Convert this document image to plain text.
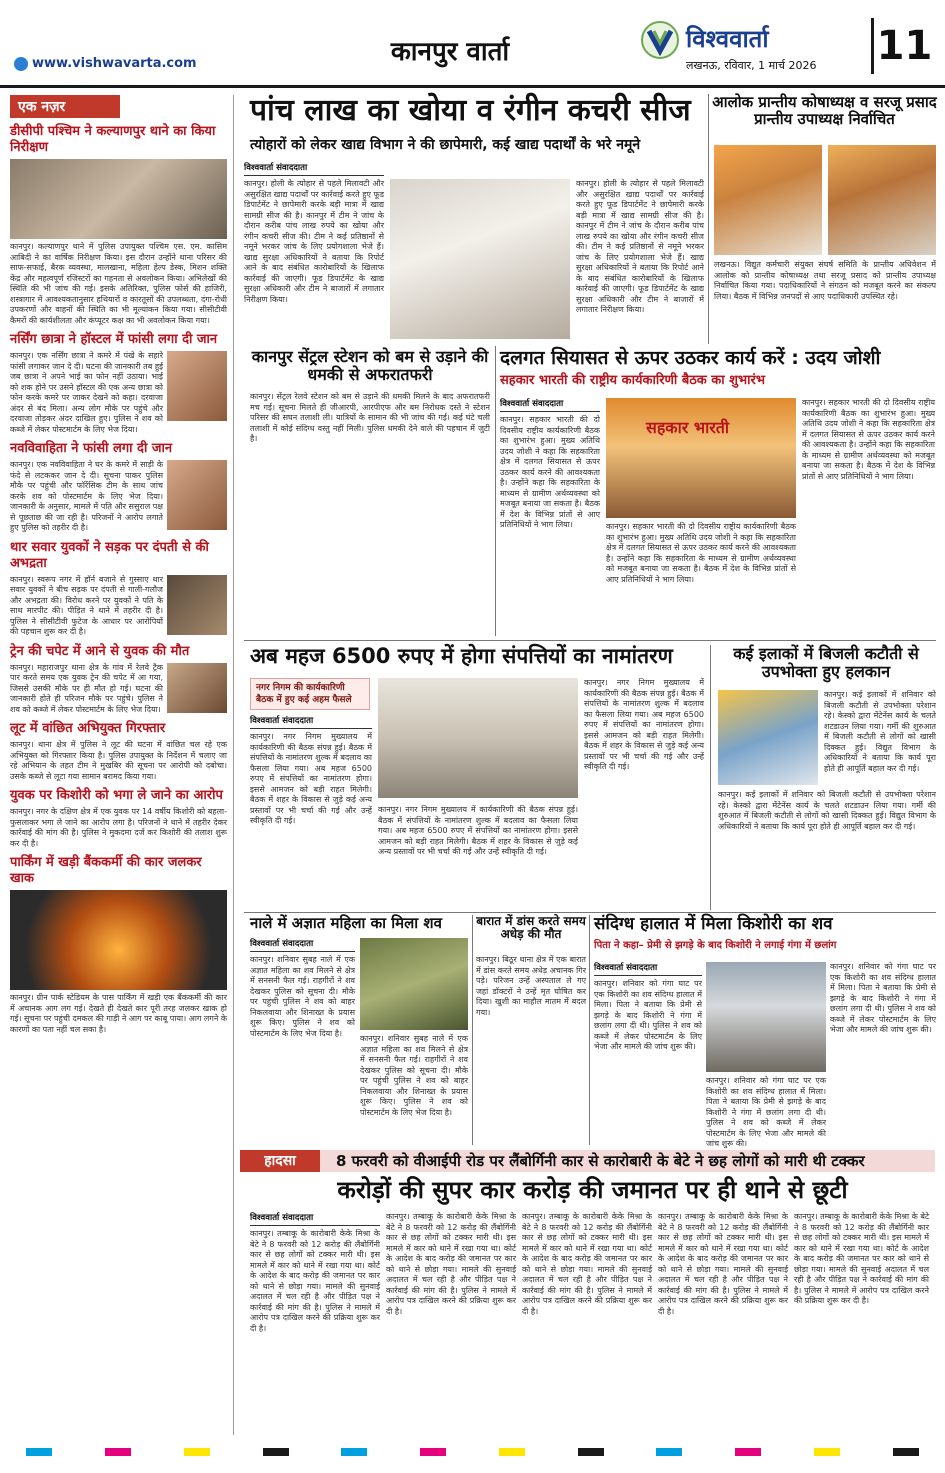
www.vishwavarta.com	कानपुर वार्ता	विश्ववार्ता
लखनऊ, रविवार, 1 मार्च 2026 11
एक नज़र
डीसीपी पश्चिम ने कल्याणपुर थाने का किया निरीक्षण
कानपुर। कल्याणपुर थाने में पुलिस उपायुक्त पश्चिम एस. एम. कासिम आबिदी ने का वार्षिक निरीक्षण किया। इस दौरान उन्होंने थाना परिसर की साफ-सफाई, बैरक व्यवस्था, मालखाना, महिला हेल्प डेस्क, मिशन शक्ति केंद्र और महत्वपूर्ण रजिस्टरों का गहनता से अवलोकन किया। अभिलेखों की स्थिति की भी जांच की गई। इसके अतिरिक्त, पुलिस फोर्स की हाजिरी, शस्त्रागार में आवश्यकतानुसार हथियारों व कारतूसों की उपलब्धता, दंगा-रोधी उपकरणों और वाहनों की स्थिति का भी मूल्यांकन किया गया। सीसीटीवी कैमरों की कार्यशीलता और कंप्यूटर कक्ष का भी अवलोकन किया गया।
नर्सिंग छात्रा ने हॉस्टल में फांसी लगा दी जान
कानपुर। एक नर्सिंग छात्रा ने कमरे में पंखे के सहारे फांसी लगाकर जान दे दी। घटना की जानकारी तब हुई जब छात्रा ने अपने भाई का फोन नहीं उठाया। भाई को शक होने पर उसने हॉस्टल की एक अन्य छात्रा को फोन करके कमरे पर जाकर देखने को कहा। दरवाजा अंदर से बंद मिला। अन्य लोग मौके पर पहुंचे और दरवाजा तोड़कर अंदर दाखिल हुए। पुलिस ने शव को कब्जे में लेकर पोस्टमार्टम के लिए भेज दिया।
नवविवाहिता ने फांसी लगा दी जान
कानपुर। एक नवविवाहिता ने घर के कमरे में साड़ी के फंदे से लटककर जान दे दी। सूचना पाकर पुलिस मौके पर पहुंची और फॉरेंसिक टीम के साथ जांच करके शव को पोस्टमार्टम के लिए भेज दिया। जानकारी के अनुसार, मामले में पति और ससुराल पक्ष से पूछताछ की जा रही है। परिजनों ने आरोप लगाते हुए पुलिस को तहरीर दी है।
थार सवार युवकों ने सड़क पर दंपती से की अभद्रता
कानपुर। स्वरूप नगर में हॉर्न बजाने से गुस्साए थार सवार युवकों ने बीच सड़क पर दंपती से गाली-गलौज और अभद्रता की। विरोध करने पर युवकों ने पति के साथ मारपीट की। पीड़ित ने थाने में तहरीर दी है। पुलिस ने सीसीटीवी फुटेज के आधार पर आरोपियों की पहचान शुरू कर दी है।
ट्रेन की चपेट में आने से युवक की मौत
कानपुर। महाराजपुर थाना क्षेत्र के गांव में रेलवे ट्रैक पार करते समय एक युवक ट्रेन की चपेट में आ गया, जिससे उसकी मौके पर ही मौत हो गई। घटना की जानकारी होते ही परिजन मौके पर पहुंचे। पुलिस ने शव को कब्जे में लेकर पोस्टमार्टम के लिए भेज दिया।
लूट में वांछित अभियुक्त गिरफ्तार
कानपुर। थाना क्षेत्र में पुलिस ने लूट की घटना में वांछित चल रहे एक अभियुक्त को गिरफ्तार किया है। पुलिस उपायुक्त के निर्देशन में चलाए जा रहे अभियान के तहत टीम ने मुखबिर की सूचना पर आरोपी को दबोचा। उसके कब्जे से लूटा गया सामान बरामद किया गया।
युवक पर किशोरी को भगा ले जाने का आरोप
कानपुर। नगर के दक्षिण क्षेत्र में एक युवक पर 14 वर्षीय किशोरी को बहला-फुसलाकर भगा ले जाने का आरोप लगा है। परिजनों ने थाने में तहरीर देकर कार्रवाई की मांग की है। पुलिस ने मुकदमा दर्ज कर किशोरी की तलाश शुरू कर दी है।
पार्किंग में खड़ी बैंककर्मी की कार जलकर खाक
कानपुर। ग्रीन पार्क स्टेडियम के पास पार्किंग में खड़ी एक बैंककर्मी की कार में अचानक आग लग गई। देखते ही देखते कार पूरी तरह जलकर खाक हो गई। सूचना पर पहुंची दमकल की गाड़ी ने आग पर काबू पाया। आग लगने के कारणों का पता नहीं चल सका है।
पांच लाख का खोया व रंगीन कचरी सीज
त्योहारों को लेकर खाद्य विभाग ने की छापेमारी, कई खाद्य पदार्थों के भरे नमूने
विश्ववार्ता संवाददाता
कानपुर। होली के त्योहार से पहले मिलावटी और असुरक्षित खाद्य पदार्थों पर कार्रवाई करते हुए फूड डिपार्टमेंट ने छापेमारी करके बड़ी मात्रा में खाद्य सामग्री सीज की है। कानपुर में टीम ने जांच के दौरान करीब पांच लाख रुपये का खोया और रंगीन कचरी सीज की। टीम ने कई प्रतिष्ठानों से नमूने भरकर जांच के लिए प्रयोगशाला भेजे हैं। खाद्य सुरक्षा अधिकारियों ने बताया कि रिपोर्ट आने के बाद संबंधित कारोबारियों के खिलाफ कार्रवाई की जाएगी। फूड डिपार्टमेंट के खाद्य सुरक्षा अधिकारी और टीम ने बाजारों में लगातार निरीक्षण किया।
कानपुर। होली के त्योहार से पहले मिलावटी और असुरक्षित खाद्य पदार्थों पर कार्रवाई करते हुए फूड डिपार्टमेंट ने छापेमारी करके बड़ी मात्रा में खाद्य सामग्री सीज की है। कानपुर में टीम ने जांच के दौरान करीब पांच लाख रुपये का खोया और रंगीन कचरी सीज की। टीम ने कई प्रतिष्ठानों से नमूने भरकर जांच के लिए प्रयोगशाला भेजे हैं। खाद्य सुरक्षा अधिकारियों ने बताया कि रिपोर्ट आने के बाद संबंधित कारोबारियों के खिलाफ कार्रवाई की जाएगी। फूड डिपार्टमेंट के खाद्य सुरक्षा अधिकारी और टीम ने बाजारों में लगातार निरीक्षण किया।
आलोक प्रान्तीय कोषाध्यक्ष व सरजू प्रसाद प्रान्तीय उपाध्यक्ष निर्वाचित
लखनऊ। विद्युत कर्मचारी संयुक्त संघर्ष समिति के प्रान्तीय अधिवेशन में आलोक को प्रान्तीय कोषाध्यक्ष तथा सरजू प्रसाद को प्रान्तीय उपाध्यक्ष निर्वाचित किया गया। पदाधिकारियों ने संगठन को मजबूत करने का संकल्प लिया। बैठक में विभिन्न जनपदों से आए पदाधिकारी उपस्थित रहे।
कानपुर सेंट्रल स्टेशन को बम से उड़ाने की धमकी से अफरातफरी
कानपुर। सेंट्रल रेलवे स्टेशन को बम से उड़ाने की धमकी मिलने के बाद अफरातफरी मच गई। सूचना मिलते ही जीआरपी, आरपीएफ और बम निरोधक दस्ते ने स्टेशन परिसर की सघन तलाशी ली। यात्रियों के सामान की भी जांच की गई। कई घंटे चली तलाशी में कोई संदिग्ध वस्तु नहीं मिली। पुलिस धमकी देने वाले की पहचान में जुटी है।
दलगत सियासत से ऊपर उठकर कार्य करें : उदय जोशी
सहकार भारती की राष्ट्रीय कार्यकारिणी बैठक का शुभारंभ
विश्ववार्ता संवाददाता
कानपुर। सहकार भारती की दो दिवसीय राष्ट्रीय कार्यकारिणी बैठक का शुभारंभ हुआ। मुख्य अतिथि उदय जोशी ने कहा कि सहकारिता क्षेत्र में दलगत सियासत से ऊपर उठकर कार्य करने की आवश्यकता है। उन्होंने कहा कि सहकारिता के माध्यम से ग्रामीण अर्थव्यवस्था को मजबूत बनाया जा सकता है। बैठक में देश के विभिन्न प्रांतों से आए प्रतिनिधियों ने भाग लिया।
सहकार भारती
कानपुर। सहकार भारती की दो दिवसीय राष्ट्रीय कार्यकारिणी बैठक का शुभारंभ हुआ। मुख्य अतिथि उदय जोशी ने कहा कि सहकारिता क्षेत्र में दलगत सियासत से ऊपर उठकर कार्य करने की आवश्यकता है। उन्होंने कहा कि सहकारिता के माध्यम से ग्रामीण अर्थव्यवस्था को मजबूत बनाया जा सकता है। बैठक में देश के विभिन्न प्रांतों से आए प्रतिनिधियों ने भाग लिया।
कानपुर। सहकार भारती की दो दिवसीय राष्ट्रीय कार्यकारिणी बैठक का शुभारंभ हुआ। मुख्य अतिथि उदय जोशी ने कहा कि सहकारिता क्षेत्र में दलगत सियासत से ऊपर उठकर कार्य करने की आवश्यकता है। उन्होंने कहा कि सहकारिता के माध्यम से ग्रामीण अर्थव्यवस्था को मजबूत बनाया जा सकता है। बैठक में देश के विभिन्न प्रांतों से आए प्रतिनिधियों ने भाग लिया।
अब महज 6500 रुपए में होगा संपत्तियों का नामांतरण
नगर निगम की कार्यकारिणी बैठक में हुए कई अहम फैसले
विश्ववार्ता संवाददाता
कानपुर। नगर निगम मुख्यालय में कार्यकारिणी की बैठक संपन्न हुई। बैठक में संपत्तियों के नामांतरण शुल्क में बदलाव का फैसला लिया गया। अब महज 6500 रुपए में संपत्तियों का नामांतरण होगा। इससे आमजन को बड़ी राहत मिलेगी। बैठक में शहर के विकास से जुड़े कई अन्य प्रस्तावों पर भी चर्चा की गई और उन्हें स्वीकृति दी गई।
कानपुर। नगर निगम मुख्यालय में कार्यकारिणी की बैठक संपन्न हुई। बैठक में संपत्तियों के नामांतरण शुल्क में बदलाव का फैसला लिया गया। अब महज 6500 रुपए में संपत्तियों का नामांतरण होगा। इससे आमजन को बड़ी राहत मिलेगी। बैठक में शहर के विकास से जुड़े कई अन्य प्रस्तावों पर भी चर्चा की गई और उन्हें स्वीकृति दी गई।
कानपुर। नगर निगम मुख्यालय में कार्यकारिणी की बैठक संपन्न हुई। बैठक में संपत्तियों के नामांतरण शुल्क में बदलाव का फैसला लिया गया। अब महज 6500 रुपए में संपत्तियों का नामांतरण होगा। इससे आमजन को बड़ी राहत मिलेगी। बैठक में शहर के विकास से जुड़े कई अन्य प्रस्तावों पर भी चर्चा की गई और उन्हें स्वीकृति दी गई।
कई इलाकों में बिजली कटौती से उपभोक्ता हुए हलकान
कानपुर। कई इलाकों में शनिवार को बिजली कटौती से उपभोक्ता परेशान रहे। केस्को द्वारा मेंटेनेंस कार्य के चलते शटडाउन लिया गया। गर्मी की शुरुआत में बिजली कटौती से लोगों को खासी दिक्कत हुई। विद्युत विभाग के अधिकारियों ने बताया कि कार्य पूरा होते ही आपूर्ति बहाल कर दी गई।
कानपुर। कई इलाकों में शनिवार को बिजली कटौती से उपभोक्ता परेशान रहे। केस्को द्वारा मेंटेनेंस कार्य के चलते शटडाउन लिया गया। गर्मी की शुरुआत में बिजली कटौती से लोगों को खासी दिक्कत हुई। विद्युत विभाग के अधिकारियों ने बताया कि कार्य पूरा होते ही आपूर्ति बहाल कर दी गई।
नाले में अज्ञात महिला का मिला शव
विश्ववार्ता संवाददाता
कानपुर। शनिवार सुबह नाले में एक अज्ञात महिला का शव मिलने से क्षेत्र में सनसनी फैल गई। राहगीरों ने शव देखकर पुलिस को सूचना दी। मौके पर पहुंची पुलिस ने शव को बाहर निकलवाया और शिनाख्त के प्रयास शुरू किए। पुलिस ने शव को पोस्टमार्टम के लिए भेज दिया है।
कानपुर। शनिवार सुबह नाले में एक अज्ञात महिला का शव मिलने से क्षेत्र में सनसनी फैल गई। राहगीरों ने शव देखकर पुलिस को सूचना दी। मौके पर पहुंची पुलिस ने शव को बाहर निकलवाया और शिनाख्त के प्रयास शुरू किए। पुलिस ने शव को पोस्टमार्टम के लिए भेज दिया है।
बारात में डांस करते समय अधेड़ की मौत
कानपुर। बिठूर थाना क्षेत्र में एक बारात में डांस करते समय अधेड़ अचानक गिर पड़े। परिजन उन्हें अस्पताल ले गए जहां डॉक्टरों ने उन्हें मृत घोषित कर दिया। खुशी का माहौल मातम में बदल गया।
संदिग्ध हालात में मिला किशोरी का शव
पिता ने कहा– प्रेमी से झगड़े के बाद किशोरी ने लगाई गंगा में छलांग
विश्ववार्ता संवाददाता
कानपुर। शनिवार को गंगा घाट पर एक किशोरी का शव संदिग्ध हालात में मिला। पिता ने बताया कि प्रेमी से झगड़े के बाद किशोरी ने गंगा में छलांग लगा दी थी। पुलिस ने शव को कब्जे में लेकर पोस्टमार्टम के लिए भेजा और मामले की जांच शुरू की।
कानपुर। शनिवार को गंगा घाट पर एक किशोरी का शव संदिग्ध हालात में मिला। पिता ने बताया कि प्रेमी से झगड़े के बाद किशोरी ने गंगा में छलांग लगा दी थी। पुलिस ने शव को कब्जे में लेकर पोस्टमार्टम के लिए भेजा और मामले की जांच शुरू की।
कानपुर। शनिवार को गंगा घाट पर एक किशोरी का शव संदिग्ध हालात में मिला। पिता ने बताया कि प्रेमी से झगड़े के बाद किशोरी ने गंगा में छलांग लगा दी थी। पुलिस ने शव को कब्जे में लेकर पोस्टमार्टम के लिए भेजा और मामले की जांच शुरू की।
हादसा	8 फरवरी को वीआईपी रोड पर लैंबोर्गिनी कार से कारोबारी के बेटे ने छह लोगों को मारी थी टक्कर
करोड़ों की सुपर कार करोड़ की जमानत पर ही थाने से छूटी
विश्ववार्ता संवाददाता
कानपुर। तम्बाकू के कारोबारी केके मिश्रा के बेटे ने 8 फरवरी को 12 करोड़ की लैंबोर्गिनी कार से छह लोगों को टक्कर मारी थी। इस मामले में कार को थाने में रखा गया था। कोर्ट के आदेश के बाद करोड़ की जमानत पर कार को थाने से छोड़ा गया। मामले की सुनवाई अदालत में चल रही है और पीड़ित पक्ष ने कार्रवाई की मांग की है। पुलिस ने मामले में आरोप पत्र दाखिल करने की प्रक्रिया शुरू कर दी है।
कानपुर। तम्बाकू के कारोबारी केके मिश्रा के बेटे ने 8 फरवरी को 12 करोड़ की लैंबोर्गिनी कार से छह लोगों को टक्कर मारी थी। इस मामले में कार को थाने में रखा गया था। कोर्ट के आदेश के बाद करोड़ की जमानत पर कार को थाने से छोड़ा गया। मामले की सुनवाई अदालत में चल रही है और पीड़ित पक्ष ने कार्रवाई की मांग की है। पुलिस ने मामले में आरोप पत्र दाखिल करने की प्रक्रिया शुरू कर दी है।
कानपुर। तम्बाकू के कारोबारी केके मिश्रा के बेटे ने 8 फरवरी को 12 करोड़ की लैंबोर्गिनी कार से छह लोगों को टक्कर मारी थी। इस मामले में कार को थाने में रखा गया था। कोर्ट के आदेश के बाद करोड़ की जमानत पर कार को थाने से छोड़ा गया। मामले की सुनवाई अदालत में चल रही है और पीड़ित पक्ष ने कार्रवाई की मांग की है। पुलिस ने मामले में आरोप पत्र दाखिल करने की प्रक्रिया शुरू कर दी है।
कानपुर। तम्बाकू के कारोबारी केके मिश्रा के बेटे ने 8 फरवरी को 12 करोड़ की लैंबोर्गिनी कार से छह लोगों को टक्कर मारी थी। इस मामले में कार को थाने में रखा गया था। कोर्ट के आदेश के बाद करोड़ की जमानत पर कार को थाने से छोड़ा गया। मामले की सुनवाई अदालत में चल रही है और पीड़ित पक्ष ने कार्रवाई की मांग की है। पुलिस ने मामले में आरोप पत्र दाखिल करने की प्रक्रिया शुरू कर दी है।
कानपुर। तम्बाकू के कारोबारी केके मिश्रा के बेटे ने 8 फरवरी को 12 करोड़ की लैंबोर्गिनी कार से छह लोगों को टक्कर मारी थी। इस मामले में कार को थाने में रखा गया था। कोर्ट के आदेश के बाद करोड़ की जमानत पर कार को थाने से छोड़ा गया। मामले की सुनवाई अदालत में चल रही है और पीड़ित पक्ष ने कार्रवाई की मांग की है। पुलिस ने मामले में आरोप पत्र दाखिल करने की प्रक्रिया शुरू कर दी है।
